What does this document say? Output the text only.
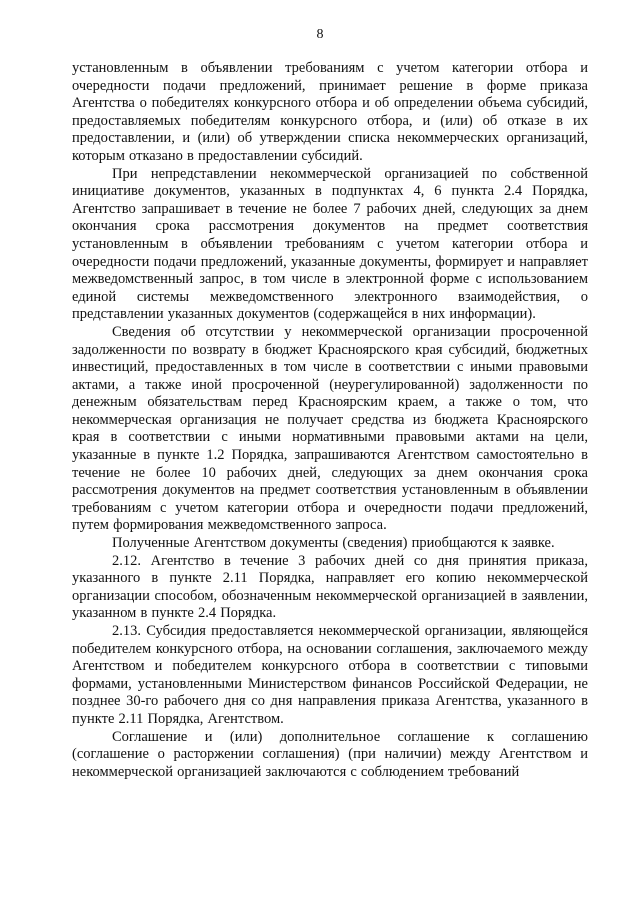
8

установленным в объявлении требованиям с учетом категории отбора и очередности подачи предложений, принимает решение в форме приказа Агентства о победителях конкурсного отбора и об определении объема субсидий, предоставляемых победителям конкурсного отбора, и (или) об отказе в их предоставлении, и (или) об утверждении списка некоммерческих организаций, которым отказано в предоставлении субсидий.

При непредставлении некоммерческой организацией по собственной инициативе документов, указанных в подпунктах 4, 6 пункта 2.4 Порядка, Агентство запрашивает в течение не более 7 рабочих дней, следующих за днем окончания срока рассмотрения документов на предмет соответствия установленным в объявлении требованиям с учетом категории отбора и очередности подачи предложений, указанные документы, формирует и направляет межведомственный запрос, в том числе в электронной форме с использованием единой системы межведомственного электронного взаимодействия, о представлении указанных документов (содержащейся в них информации).

Сведения об отсутствии у некоммерческой организации просроченной задолженности по возврату в бюджет Красноярского края субсидий, бюджетных инвестиций, предоставленных в том числе в соответствии с иными правовыми актами, а также иной просроченной (неурегулированной) задолженности по денежным обязательствам перед Красноярским краем, а также о том, что некоммерческая организация не получает средства из бюджета Красноярского края в соответствии с иными нормативными правовыми актами на цели, указанные в пункте 1.2 Порядка, запрашиваются Агентством самостоятельно в течение не более 10 рабочих дней, следующих за днем окончания срока рассмотрения документов на предмет соответствия установленным в объявлении требованиям с учетом категории отбора и очередности подачи предложений, путем формирования межведомственного запроса.

Полученные Агентством документы (сведения) приобщаются к заявке.

2.12. Агентство в течение 3 рабочих дней со дня принятия приказа, указанного в пункте 2.11 Порядка, направляет его копию некоммерческой организации способом, обозначенным некоммерческой организацией в заявлении, указанном в пункте 2.4 Порядка.

2.13. Субсидия предоставляется некоммерческой организации, являющейся победителем конкурсного отбора, на основании соглашения, заключаемого между Агентством и победителем конкурсного отбора в соответствии с типовыми формами, установленными Министерством финансов Российской Федерации, не позднее 30-го рабочего дня со дня направления приказа Агентства, указанного в пункте 2.11 Порядка, Агентством.

Соглашение и (или) дополнительное соглашение к соглашению (соглашение о расторжении соглашения) (при наличии) между Агентством и некоммерческой организацией заключаются с соблюдением требований
